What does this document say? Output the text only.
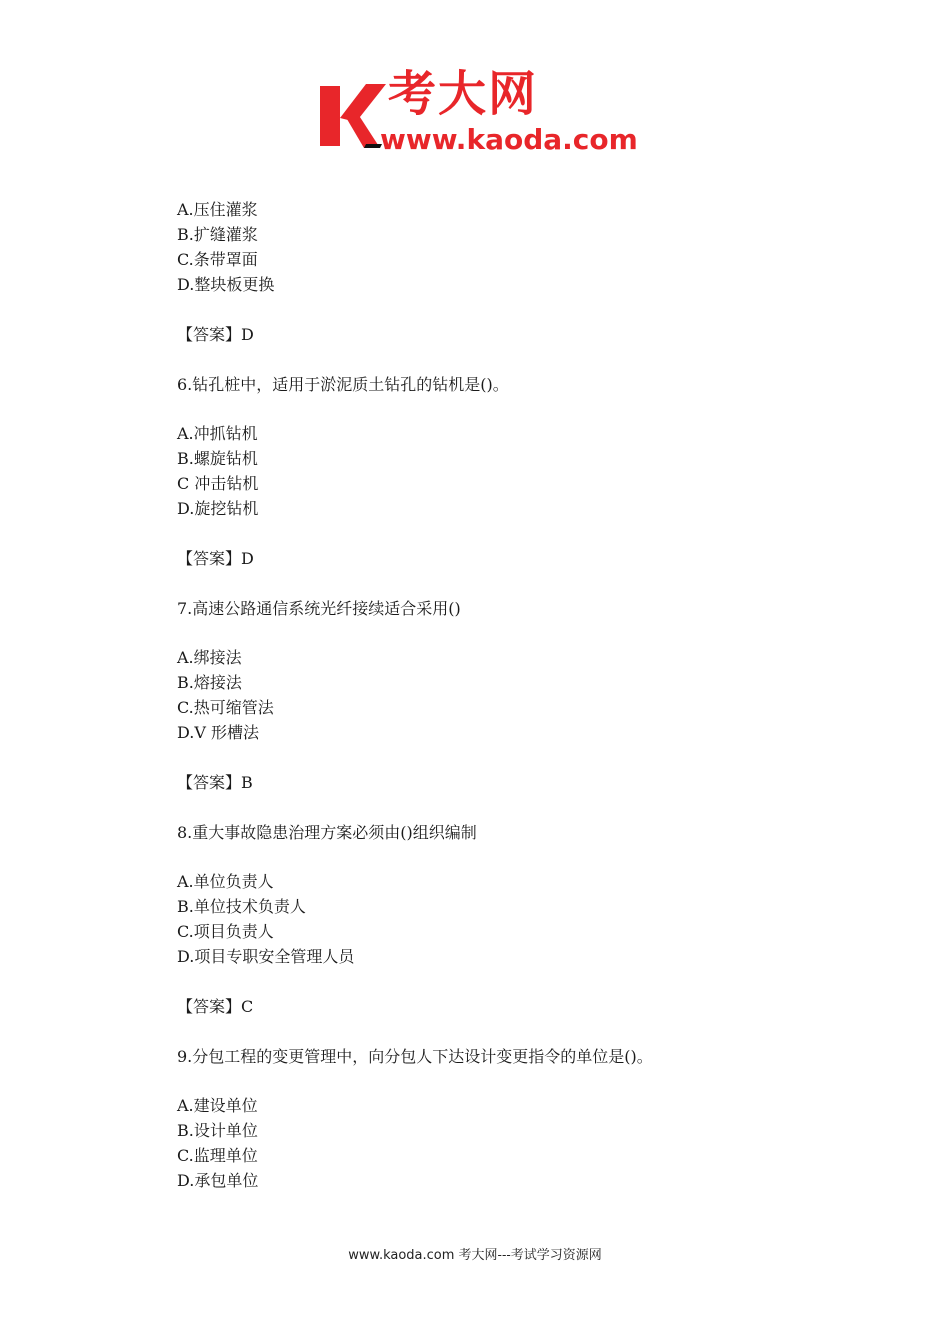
考大网
www.kaoda.com
A.压住灌浆
B.扩缝灌浆
C.条带罩面
D.整块板更换
【答案】D
6.钻孔桩中，适用于淤泥质土钻孔的钻机是()。
A.冲抓钻机
B.螺旋钻机
C 冲击钻机
D.旋挖钻机
【答案】D
7.高速公路通信系统光纤接续适合采用()
A.绑接法
B.熔接法
C.热可缩管法
D.V 形槽法
【答案】B
8.重大事故隐患治理方案必须由()组织编制
A.单位负责人
B.单位技术负责人
C.项目负责人
D.项目专职安全管理人员
【答案】C
9.分包工程的变更管理中，向分包人下达设计变更指令的单位是()。
A.建设单位
B.设计单位
C.监理单位
D.承包单位
www.kaoda.com 考大网---考试学习资源网
